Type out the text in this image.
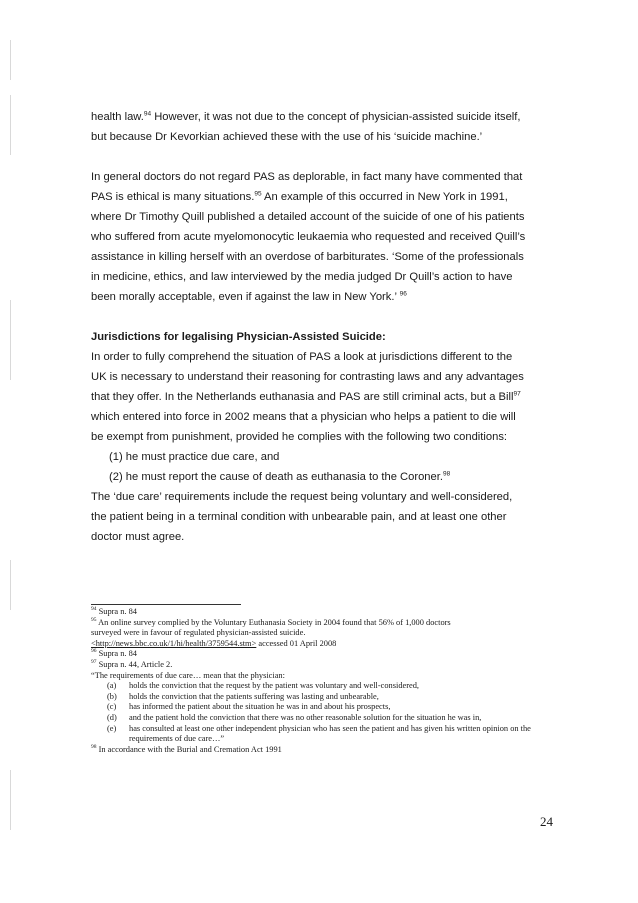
health law.$^{94}$ However, it was not due to the concept of physician-assisted suicide itself,

but because Dr Kevorkian achieved these with the use of his ‘suicide machine.’

In general doctors do not regard PAS as deplorable, in fact many have commented that

PAS is ethical is many situations.$^{95}$ An example of this occurred in New York in 1991,

where Dr Timothy Quill published a detailed account of the suicide of one of his patients

who suffered from acute myelomonocytic leukaemia who requested and received Quill’s

assistance in killing herself with an overdose of barbiturates. ‘Some of the professionals

in medicine, ethics, and law interviewed by the media judged Dr Quill’s action to have

been morally acceptable, even if against the law in New York.’ $^{96}$

Jurisdictions for legalising Physician-Assisted Suicide:

In order to fully comprehend the situation of PAS a look at jurisdictions different to the

UK is necessary to understand their reasoning for contrasting laws and any advantages

that they offer. In the Netherlands euthanasia and PAS are still criminal acts, but a Bill$^{97}$

which entered into force in 2002 means that a physician who helps a patient to die will

be exempt from punishment, provided he complies with the following two conditions:

(1) he must practice due care, and

(2) he must report the cause of death as euthanasia to the Coroner.$^{98}$

The ‘due care’ requirements include the request being voluntary and well-considered,

the patient being in a terminal condition with unbearable pain, and at least one other

doctor must agree.

$^{94}$ Supra n. 84

$^{95}$ An online survey complied by the Voluntary Euthanasia Society in 2004 found that 56% of 1,000 doctors

surveyed were in favour of regulated physician-assisted suicide.

<http://news.bbc.co.uk/1/hi/health/3759544.stm> accessed 01 April 2008

$^{96}$ Supra n. 84

$^{97}$ Supra n. 44, Article 2.

“The requirements of due care… mean that the physician:

(a)	holds the conviction that the request by the patient was voluntary and well-considered,
(b)	holds the conviction that the patients suffering was lasting and unbearable,
(c)	has informed the patient about the situation he was in and about his prospects,
(d)	and the patient hold the conviction that there was no other reasonable solution for the situation he was in,
(e)	has consulted at least one other independent physician who has seen the patient and has given his written opinion on the requirements of due care…”

$^{98}$ In accordance with the Burial and Cremation Act 1991

24
